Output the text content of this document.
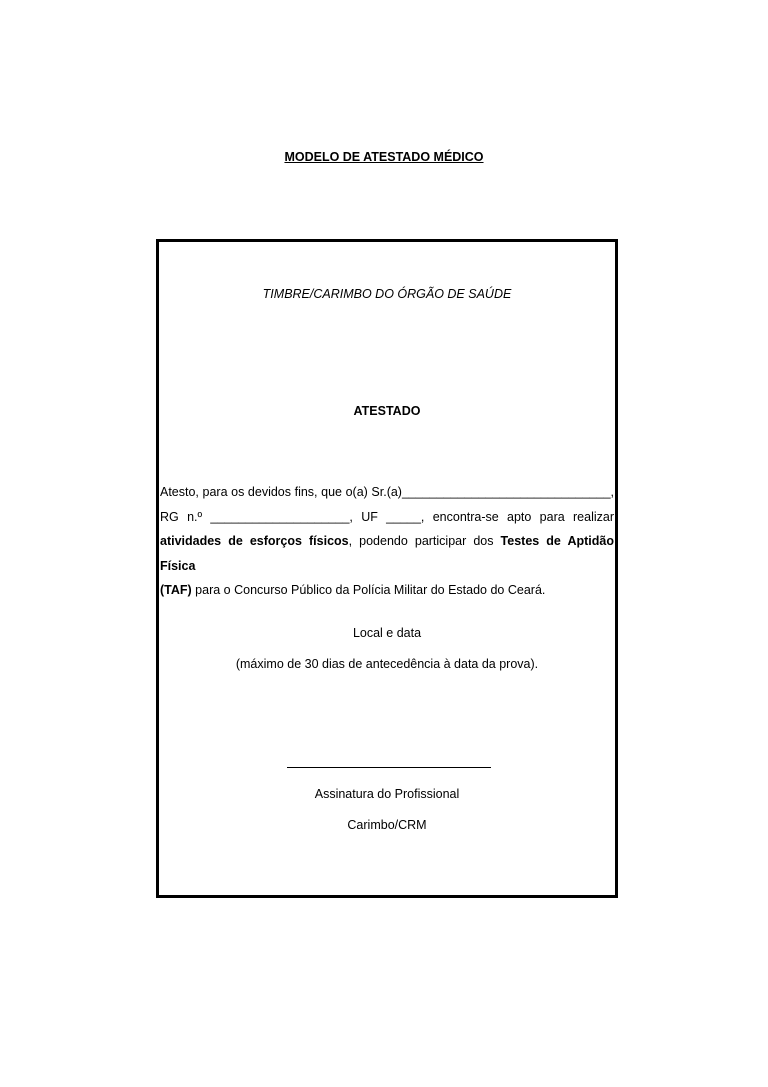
MODELO DE ATESTADO MÉDICO
TIMBRE/CARIMBO DO ÓRGÃO DE SAÚDE
ATESTADO
Atesto, para os devidos fins, que o(a) Sr.(a)______________________________,
RG n.º ____________________, UF _____, encontra-se apto para realizar
atividades de esforços físicos, podendo participar dos Testes de Aptidão Física
(TAF) para o Concurso Público da Polícia Militar do Estado do Ceará.
Local e data
(máximo de 30 dias de antecedência à data da prova).
Assinatura do Profissional
Carimbo/CRM
